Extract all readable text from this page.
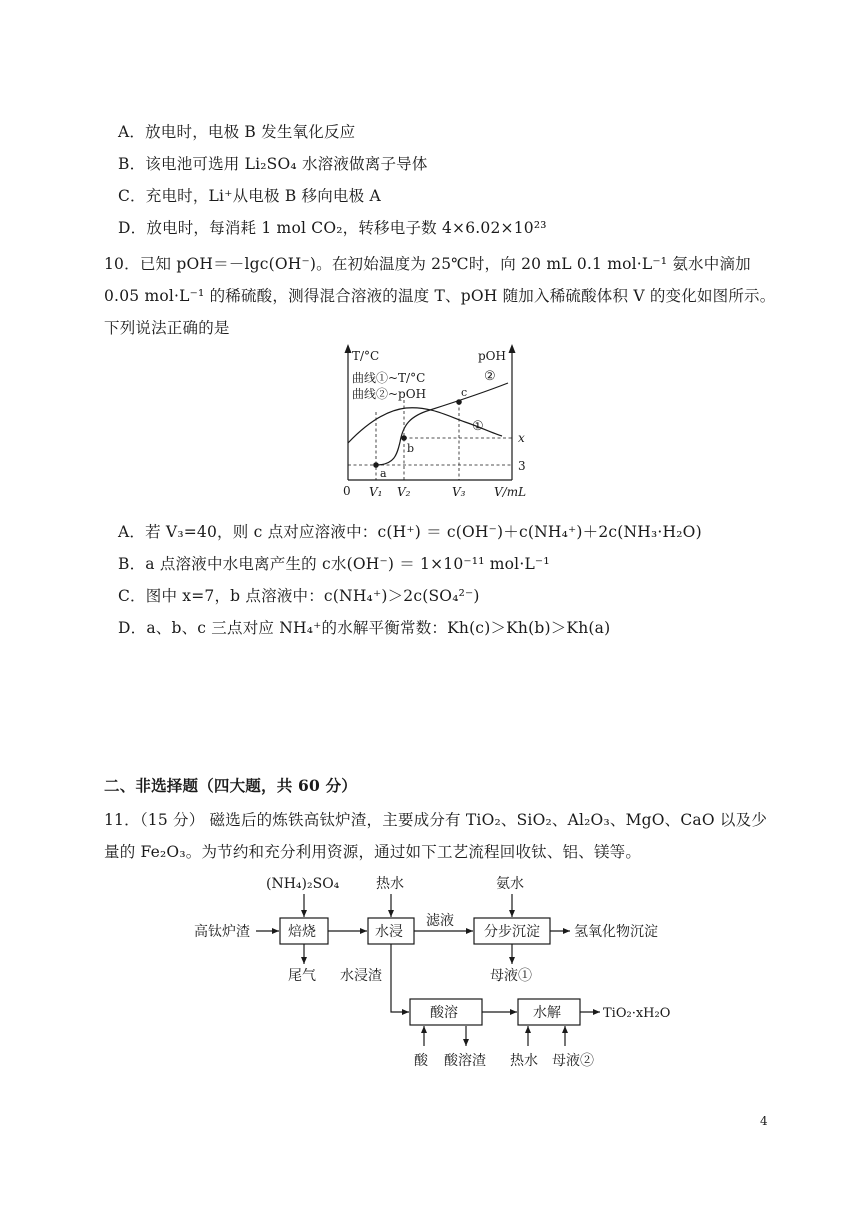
A．放电时，电极 B 发生氧化反应
B．该电池可选用 Li₂SO₄ 水溶液做离子导体
C．充电时，Li⁺从电极 B 移向电极 A
D．放电时，每消耗 1 mol CO₂，转移电子数 4×6.02×10²³
10．已知 pOH＝－lgc(OH⁻)。在初始温度为 25℃时，向 20 mL 0.1 mol·L⁻¹ 氨水中滴加
0.05 mol·L⁻¹ 的稀硫酸，测得混合溶液的温度 T、pOH 随加入稀硫酸体积 V 的变化如图所示。
下列说法正确的是
T/°C	pOH
曲线①~T/°C
曲线②~pOH
②
①
a
b
c
x
3
0 V₁ V₂	V₃ V/mL
A．若 V₃=40，则 c 点对应溶液中：c(H⁺) ＝ c(OH⁻)＋c(NH₄⁺)＋2c(NH₃·H₂O)
B．a 点溶液中水电离产生的 c水(OH⁻) ＝ 1×10⁻¹¹ mol·L⁻¹
C．图中 x=7，b 点溶液中：c(NH₄⁺)＞2c(SO₄²⁻)
D．a、b、c 三点对应 NH₄⁺的水解平衡常数：Kh(c)＞Kh(b)＞Kh(a)
二、非选择题（四大题，共 60 分）
11．（15 分） 磁选后的炼铁高钛炉渣，主要成分有 TiO₂、SiO₂、Al₂O₃、MgO、CaO 以及少
量的 Fe₂O₃。为节约和充分利用资源，通过如下工艺流程回收钛、铝、镁等。
(NH₄)₂SO₄	热水	氨水
高钛炉渣	焙烧	水浸
滤液
分步沉淀 氢氧化物沉淀
尾气 水浸渣	母液①
酸溶	水解	TiO₂·xH₂O
酸 酸溶渣 热水 母液②
4
